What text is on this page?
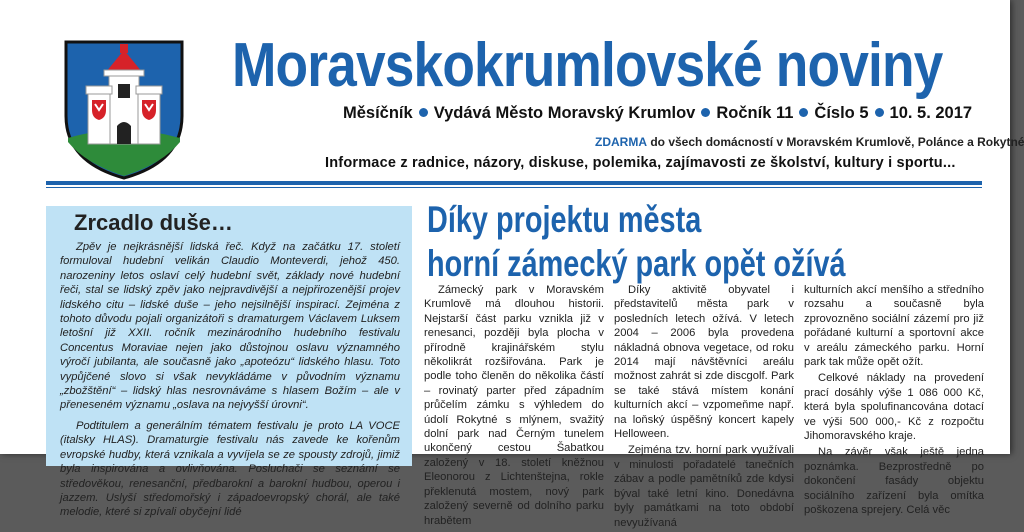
Moravskokrumlovské noviny
Měsíčník Vydává Město Moravský Krumlov Ročník 11 Číslo 5 10. 5. 2017
ZDARMA do všech domácností v Moravském Krumlově, Polánce a Rokytné
Informace z radnice, názory, diskuse, polemika, zajímavosti ze školství, kultury i sportu...
Zrcadlo duše…

Zpěv je nejkrásnější lidská řeč. Když na začátku 17. století formuloval hudební velikán Claudio Monteverdi, jehož 450. narozeniny letos oslaví celý hudební svět, základy nové hudební řeči, stal se lidský zpěv jako nejpravdivější a nejpřirozenější projev lidského citu – lidské duše – jeho nejsilnější inspirací. Zejména z tohoto důvodu pojali organizátoři s dramaturgem Václavem Luksem letošní již XXII. ročník mezinárodního hudebního festivalu Concentus Moraviae nejen jako důstojnou oslavu významného výročí jubilanta, ale současně jako „apoteózu“ lidského hlasu. Toto vypůjčené slovo si však nevykládáme v původním významu „zbožštění“ – lidský hlas nesrovnáváme s hlasem Božím – ale v přeneseném významu „oslava na nejvyšší úrovni“.

Podtitulem a generálním tématem festivalu je proto LA VOCE (italsky HLAS). Dramaturgie festivalu nás zavede ke kořenům evropské hudby, která vznikala a vyvíjela se ze spousty zdrojů, jimiž byla inspirována a ovlivňována. Posluchači se seznámí se středověkou, renesanční, předbarokní a barokní hudbou, operou i jazzem. Uslyší středomořský i západoevropský chorál, ale také melodie, které si zpívali obyčejní lidé

Díky projektu města
horní zámecký park opět ožívá

Zámecký park v Moravském Krumlově má dlouhou historii. Nejstarší část parku vznikla již v renesanci, později byla plocha v přírodně krajinářském stylu několikrát rozšiřována. Park je podle toho členěn do několika částí – rovinatý parter před západním průčelím zámku s výhledem do údolí Rokytné s mlýnem, svažitý dolní park nad Černým tunelem ukončený cestou Šabatkou založený v 18. století kněžnou Eleonorou z Lichtenštejna, rokle překlenutá mostem, nový park založený severně od dolního parku hrabětem

Díky aktivitě obyvatel i představitelů města park v posledních letech ožívá. V letech 2004 – 2006 byla provedena nákladná obnova vegetace, od roku 2014 mají návštěvníci areálu možnost zahrát si zde discgolf. Park se také stává místem konání kulturních akcí – vzpomeňme např. na loňský úspěšný koncert kapely Helloween.

Zejména tzv. horní park využívali v minulosti pořadatelé tanečních zábav a podle pamětníků zde kdysi býval také letní kino. Donedávna byly památkami na toto období nevyužívaná

kulturních akcí menšího a středního rozsahu a současně byla zprovozněno sociální zázemí pro již pořádané kulturní a sportovní akce v areálu zámeckého parku. Horní park tak může opět ožít.

Celkové náklady na provedení prací dosáhly výše 1 086 000 Kč, která byla spolufinancována dotací ve výši 500 000,- Kč z rozpočtu Jihomoravského kraje.

Na závěr však ještě jedna poznámka. Bezprostředně po dokončení fasády objektu sociálního zařízení byla omítka poškozena sprejery. Celá věc
